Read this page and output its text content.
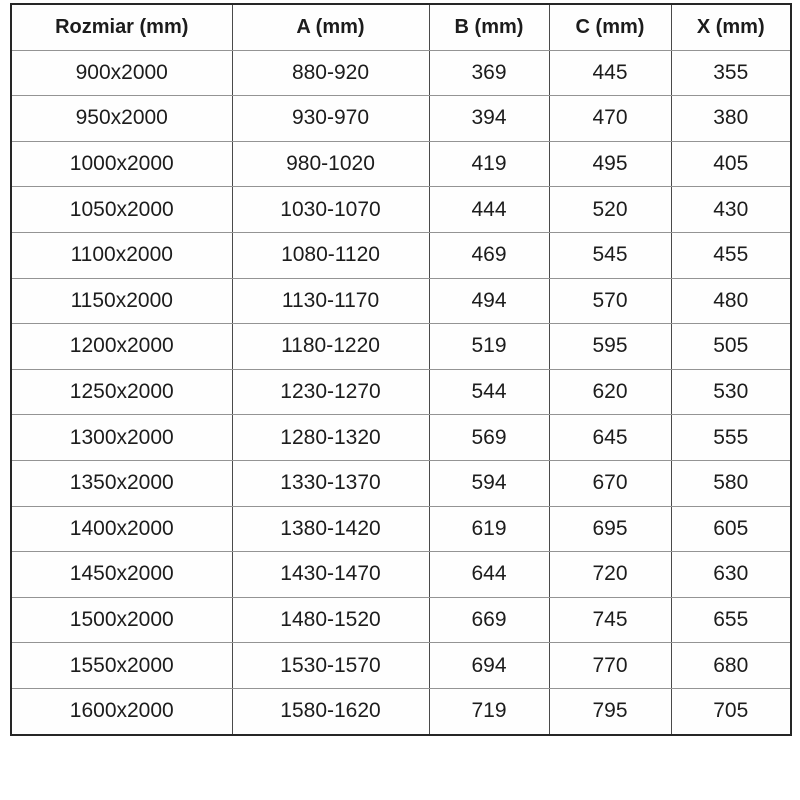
Rozmiar (mm)	A (mm)	B (mm)	C (mm)	X (mm)
900x2000	880-920	369	445	355
950x2000	930-970	394	470	380
1000x2000	980-1020	419	495	405
1050x2000	1030-1070	444	520	430
1100x2000	1080-1120	469	545	455
1150x2000	1130-1170	494	570	480
1200x2000	1180-1220	519	595	505
1250x2000	1230-1270	544	620	530
1300x2000	1280-1320	569	645	555
1350x2000	1330-1370	594	670	580
1400x2000	1380-1420	619	695	605
1450x2000	1430-1470	644	720	630
1500x2000	1480-1520	669	745	655
1550x2000	1530-1570	694	770	680
1600x2000	1580-1620	719	795	705
